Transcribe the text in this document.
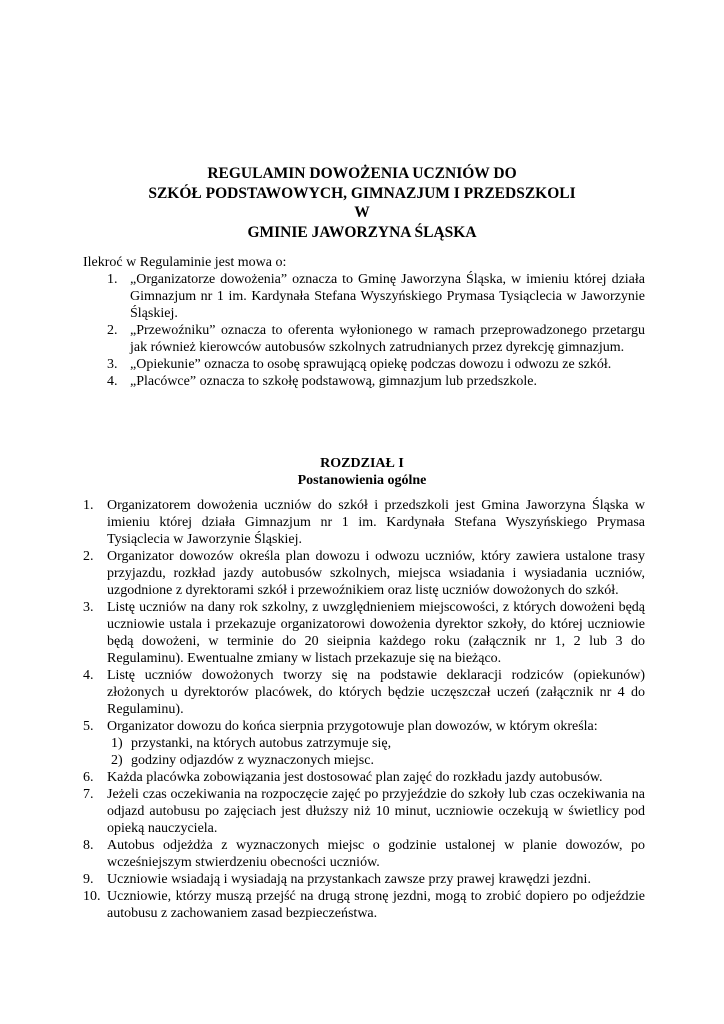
REGULAMIN DOWOŻENIA UCZNIÓW DO
SZKÓŁ PODSTAWOWYCH, GIMNAZJUM I PRZEDSZKOLI
W
GMINIE JAWORZYNA ŚLĄSKA
Ilekroć w Regulaminie jest mowa o:
1. „Organizatorze dowożenia” oznacza to Gminę Jaworzyna Śląska, w imieniu której działa Gimnazjum nr 1 im. Kardynała Stefana Wyszyńskiego Prymasa Tysiąclecia w Jaworzynie Śląskiej.
2. „Przewoźniku” oznacza to oferenta wyłonionego w ramach przeprowadzonego przetargu jak również kierowców autobusów szkolnych zatrudnianych przez dyrekcję gimnazjum.
3. „Opiekunie” oznacza to osobę sprawującą opiekę podczas dowozu i odwozu ze szkół.
4. „Placówce” oznacza to szkołę podstawową, gimnazjum lub przedszkole.
ROZDZIAŁ I
Postanowienia ogólne
1. Organizatorem dowożenia uczniów do szkół i przedszkoli jest Gmina Jaworzyna Śląska w imieniu której działa Gimnazjum nr 1 im. Kardynała Stefana Wyszyńskiego Prymasa Tysiąclecia w Jaworzynie Śląskiej.
2. Organizator dowozów określa plan dowozu i odwozu uczniów, który zawiera ustalone trasy przyjazdu, rozkład jazdy autobusów szkolnych, miejsca wsiadania i wysiadania uczniów, uzgodnione z dyrektorami szkół i przewoźnikiem oraz listę uczniów dowożonych do szkół.
3. Listę uczniów na dany rok szkolny, z uwzględnieniem miejscowości, z których dowożeni będą uczniowie ustala i przekazuje organizatorowi dowożenia dyrektor szkoły, do której uczniowie będą dowożeni, w terminie do 20 sieipnia każdego roku (załącznik nr 1, 2 lub 3 do Regulaminu). Ewentualne zmiany w listach przekazuje się na bieżąco.
4. Listę uczniów dowożonych tworzy się na podstawie deklaracji rodziców (opiekunów) złożonych u dyrektorów placówek, do których będzie uczęszczał uczeń (załącznik nr 4 do Regulaminu).
5. Organizator dowozu do końca sierpnia przygotowuje plan dowozów, w którym określa:
1) przystanki, na których autobus zatrzymuje się,
2) godziny odjazdów z wyznaczonych miejsc.
6. Każda placówka zobowiązania jest dostosować plan zajęć do rozkładu jazdy autobusów.
7. Jeżeli czas oczekiwania na rozpoczęcie zajęć po przyjeździe do szkoły lub czas oczekiwania na odjazd autobusu po zajęciach jest dłuższy niż 10 minut, uczniowie oczekują w świetlicy pod opieką nauczyciela.
8. Autobus odjeżdża z wyznaczonych miejsc o godzinie ustalonej w planie dowozów, po wcześniejszym stwierdzeniu obecności uczniów.
9. Uczniowie wsiadają i wysiadają na przystankach zawsze przy prawej krawędzi jezdni.
10. Uczniowie, którzy muszą przejść na drugą stronę jezdni, mogą to zrobić dopiero po odjeździe autobusu z zachowaniem zasad bezpieczeństwa.
